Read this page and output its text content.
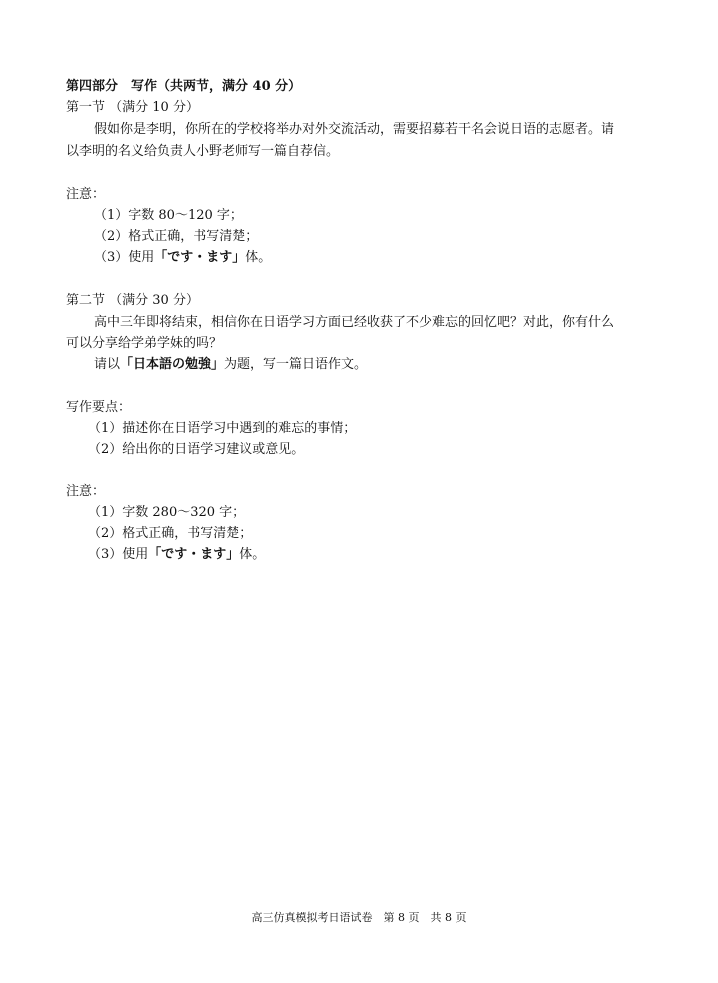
第四部分　写作（共两节，满分 40 分）
第一节 （满分 10 分）
假如你是李明，你所在的学校将举办对外交流活动，需要招募若干名会说日语的志愿者。请
以李明的名义给负责人小野老师写一篇自荐信。
注意：
（1）字数 80～120 字；
（2）格式正确，书写清楚；
（3）使用「です・ます」体。
第二节 （满分 30 分）
高中三年即将结束，相信你在日语学习方面已经收获了不少难忘的回忆吧？对此，你有什么
可以分享给学弟学妹的吗？
请以「日本語の勉強」为题，写一篇日语作文。
写作要点：
（1）描述你在日语学习中遇到的难忘的事情；
（2）给出你的日语学习建议或意见。
注意：
（1）字数 280～320 字；
（2）格式正确，书写清楚；
（3）使用「です・ます」体。
高三仿真模拟考日语试卷　第 8 页　共 8 页
